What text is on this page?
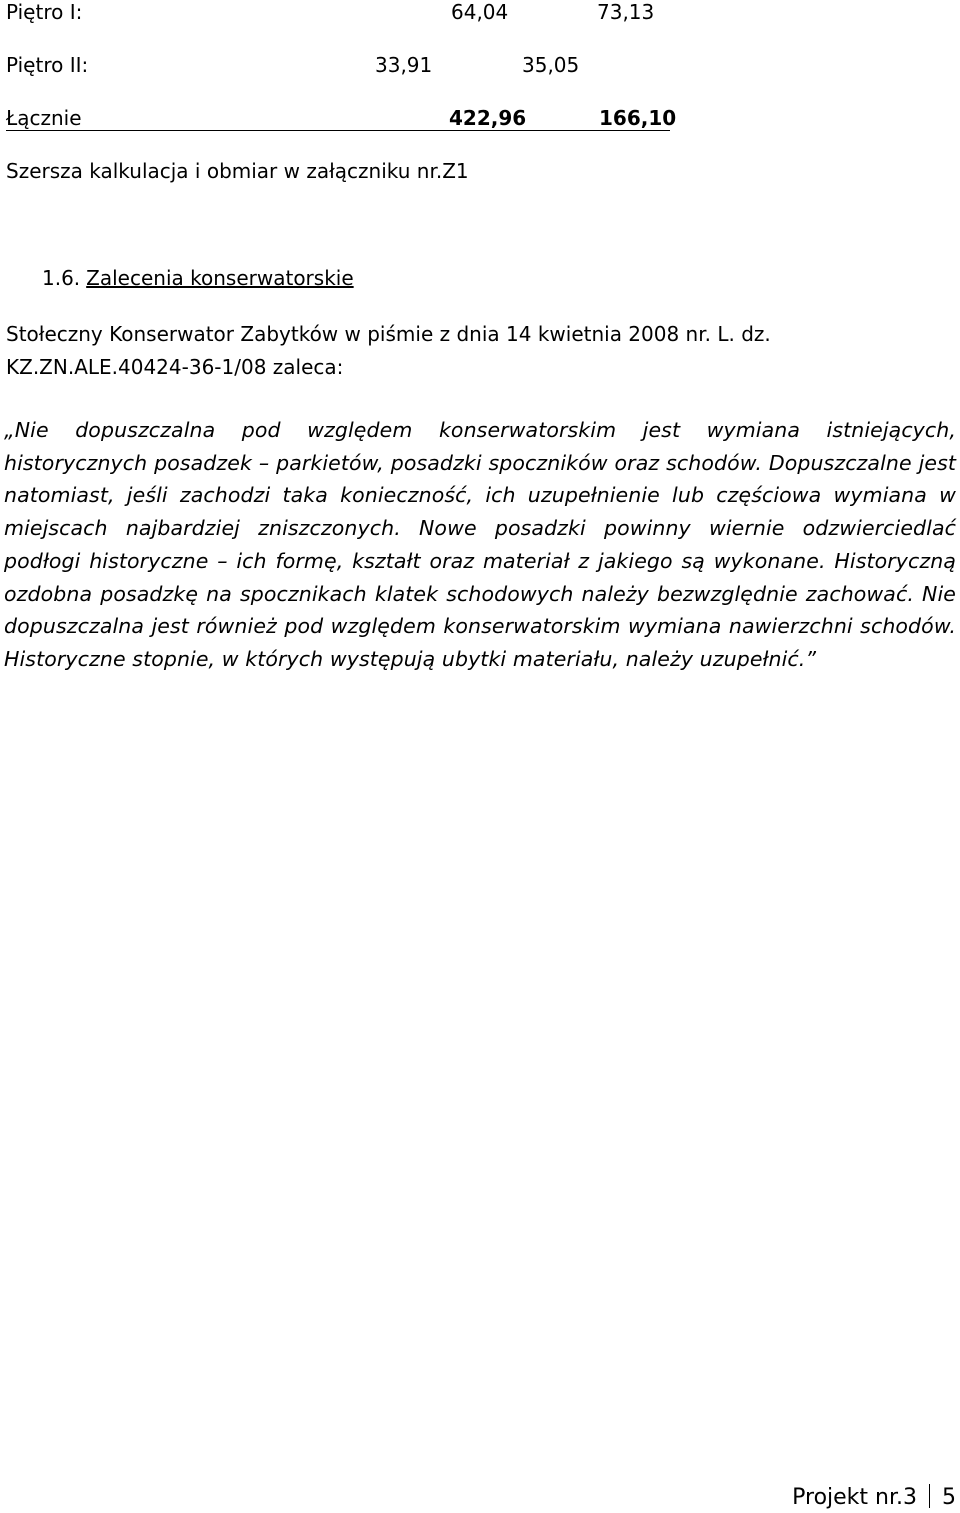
Piętro I:	64,04	73,13
Piętro II:	33,91	35,05
Łącznie	422,96	166,10
Szersza kalkulacja i obmiar w załączniku nr.Z1
1.6. Zalecenia konserwatorskie
Stołeczny Konserwator Zabytków w piśmie z dnia 14 kwietnia 2008 nr. L. dz. KZ.ZN.ALE.40424-36-1/08 zaleca:
„Nie dopuszczalna pod względem konserwatorskim jest wymiana istniejących, historycznych posadzek – parkietów, posadzki spoczników oraz schodów. Dopuszczalne jest natomiast, jeśli zachodzi taka konieczność, ich uzupełnienie lub częściowa wymiana w miejscach najbardziej zniszczonych. Nowe posadzki powinny wiernie odzwierciedlać podłogi historyczne – ich formę, kształt oraz materiał z jakiego są wykonane. Historyczną ozdobna posadzkę na spocznikach klatek schodowych należy bezwzględnie zachować. Nie dopuszczalna jest również pod względem konserwatorskim wymiana nawierzchni schodów. Historyczne stopnie, w których występują ubytki materiału, należy uzupełnić.”
Projekt nr.3 5
